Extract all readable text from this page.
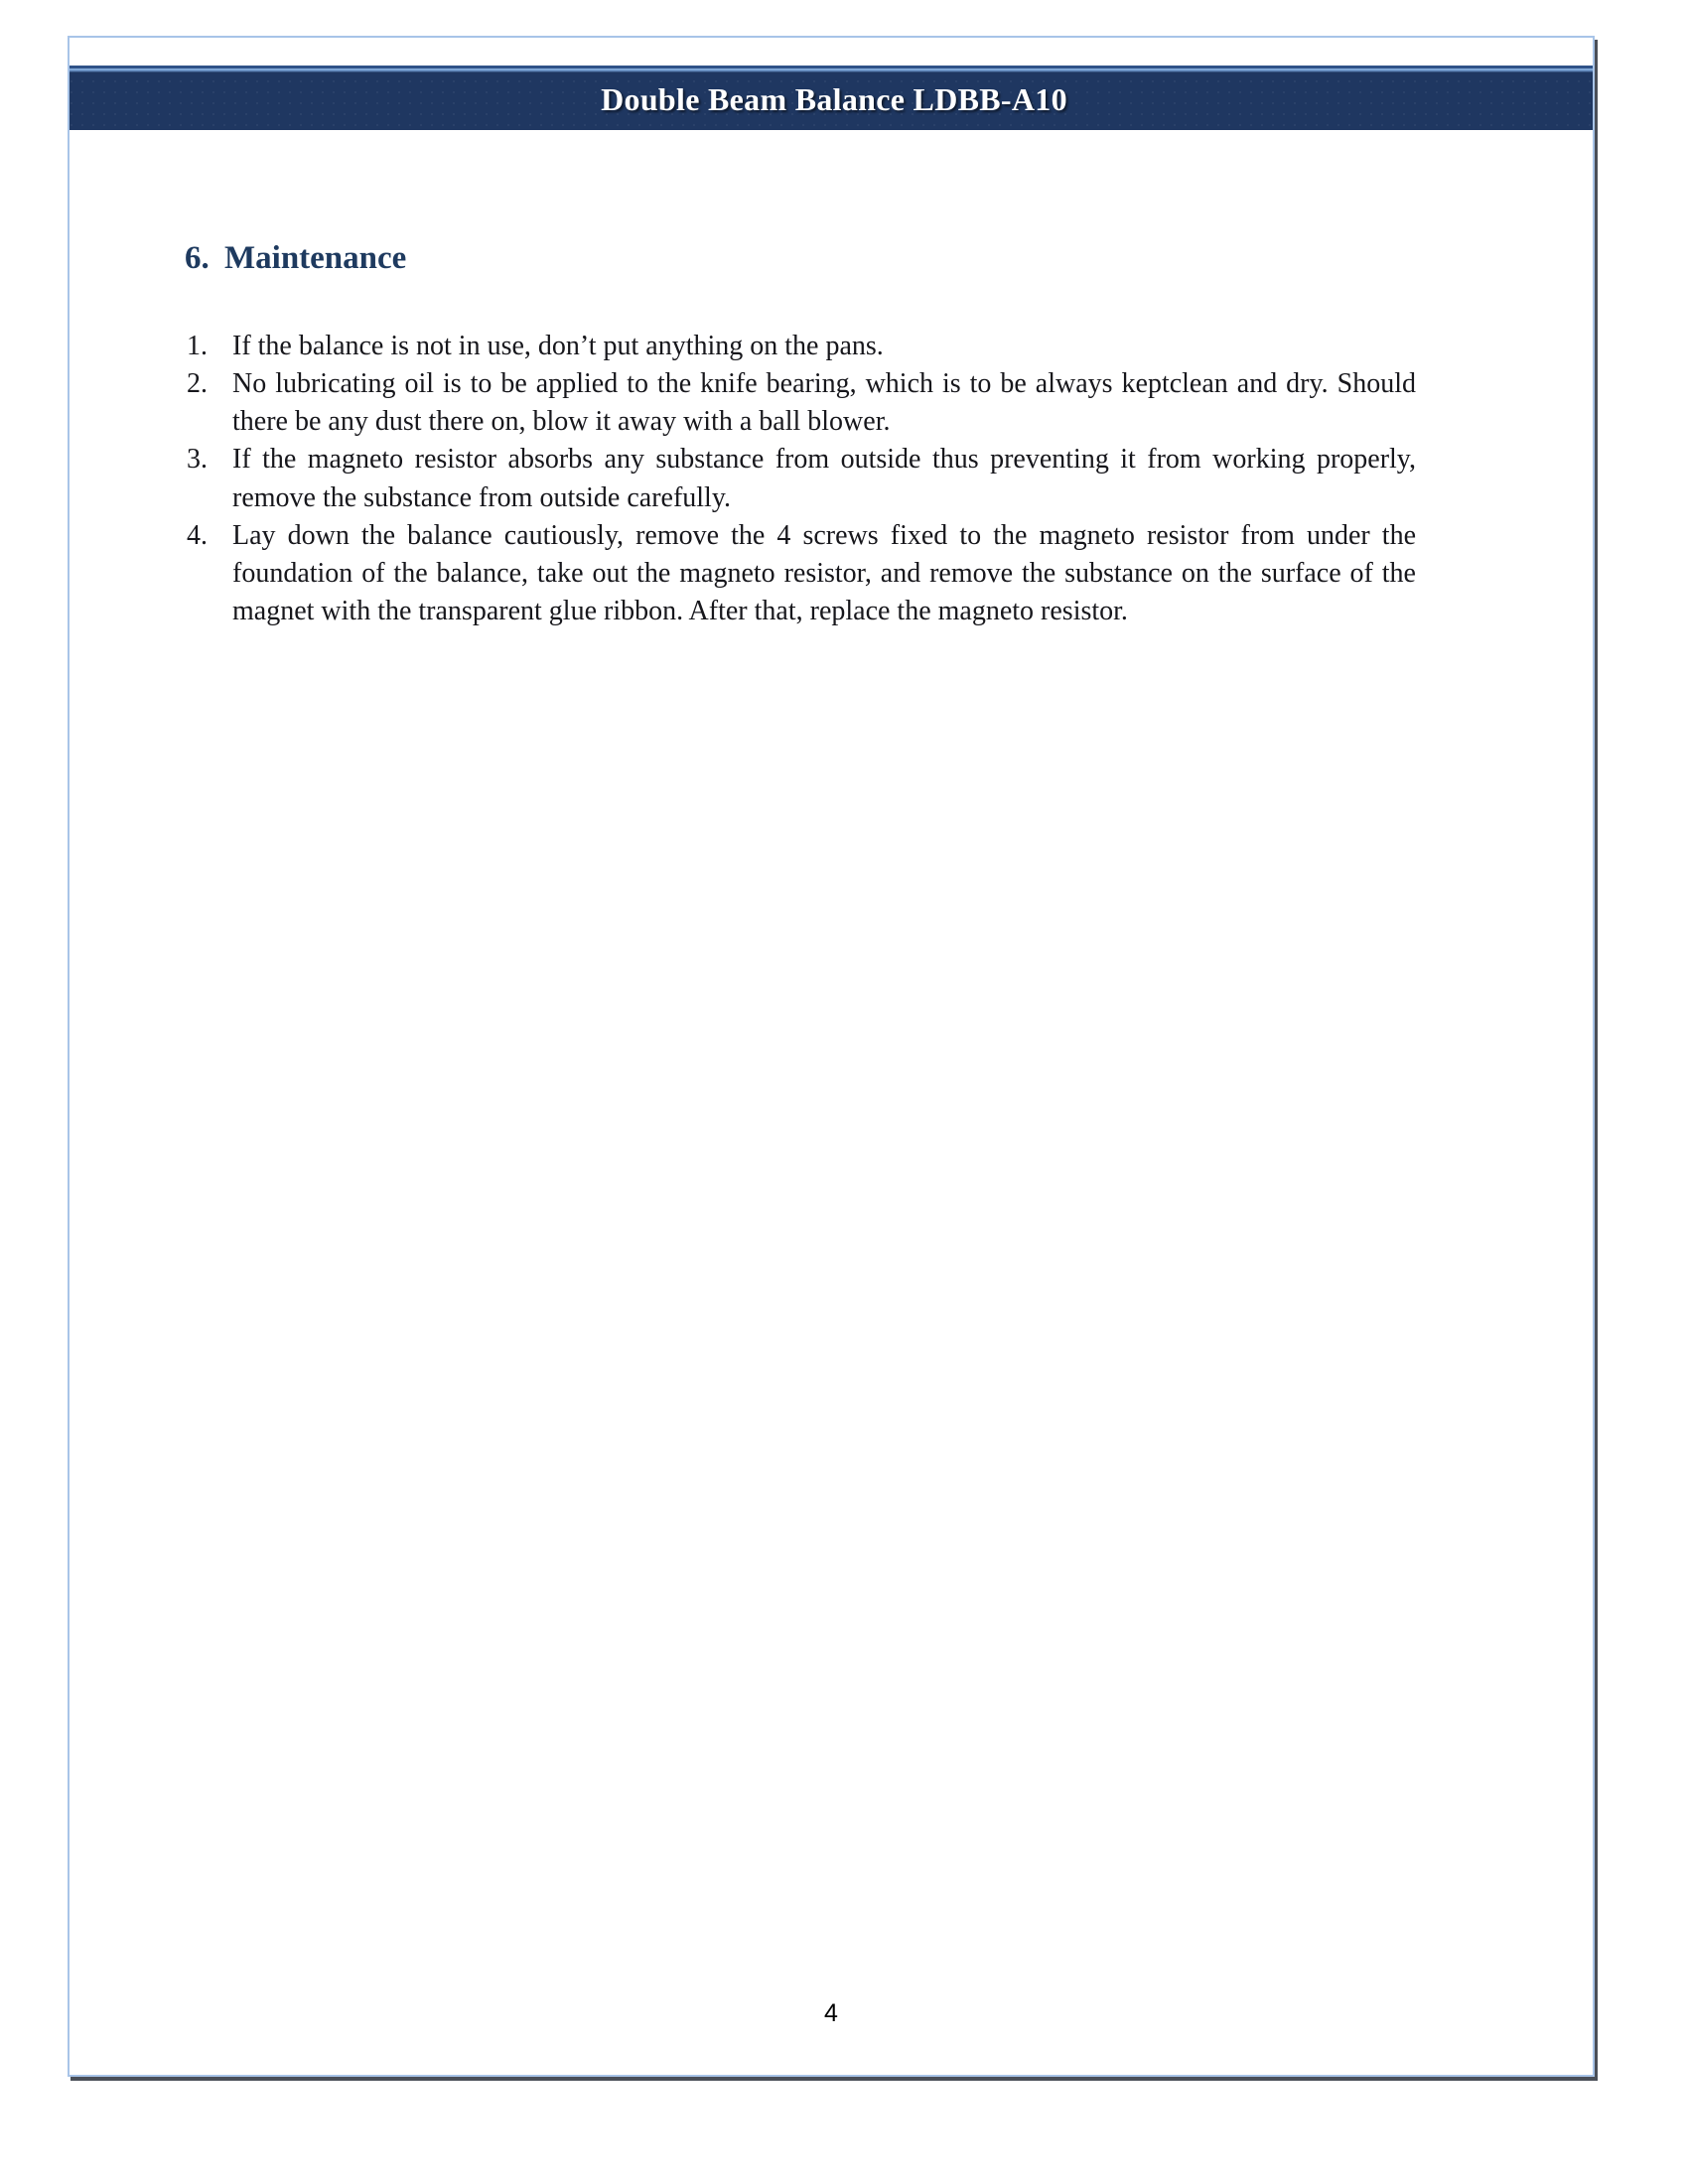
Double Beam Balance LDBB-A10
6. Maintenance
1. If the balance is not in use, don’t put anything on the pans.
2. No lubricating oil is to be applied to the knife bearing, which is to be always keptclean and dry. Should there be any dust there on, blow it away with a ball blower.
3. If the magneto resistor absorbs any substance from outside thus preventing it from working properly, remove the substance from outside carefully.
4. Lay down the balance cautiously, remove the 4 screws fixed to the magneto resistor from under the foundation of the balance, take out the magneto resistor, and remove the substance on the surface of the magnet with the transparent glue ribbon. After that, replace the magneto resistor.
4
